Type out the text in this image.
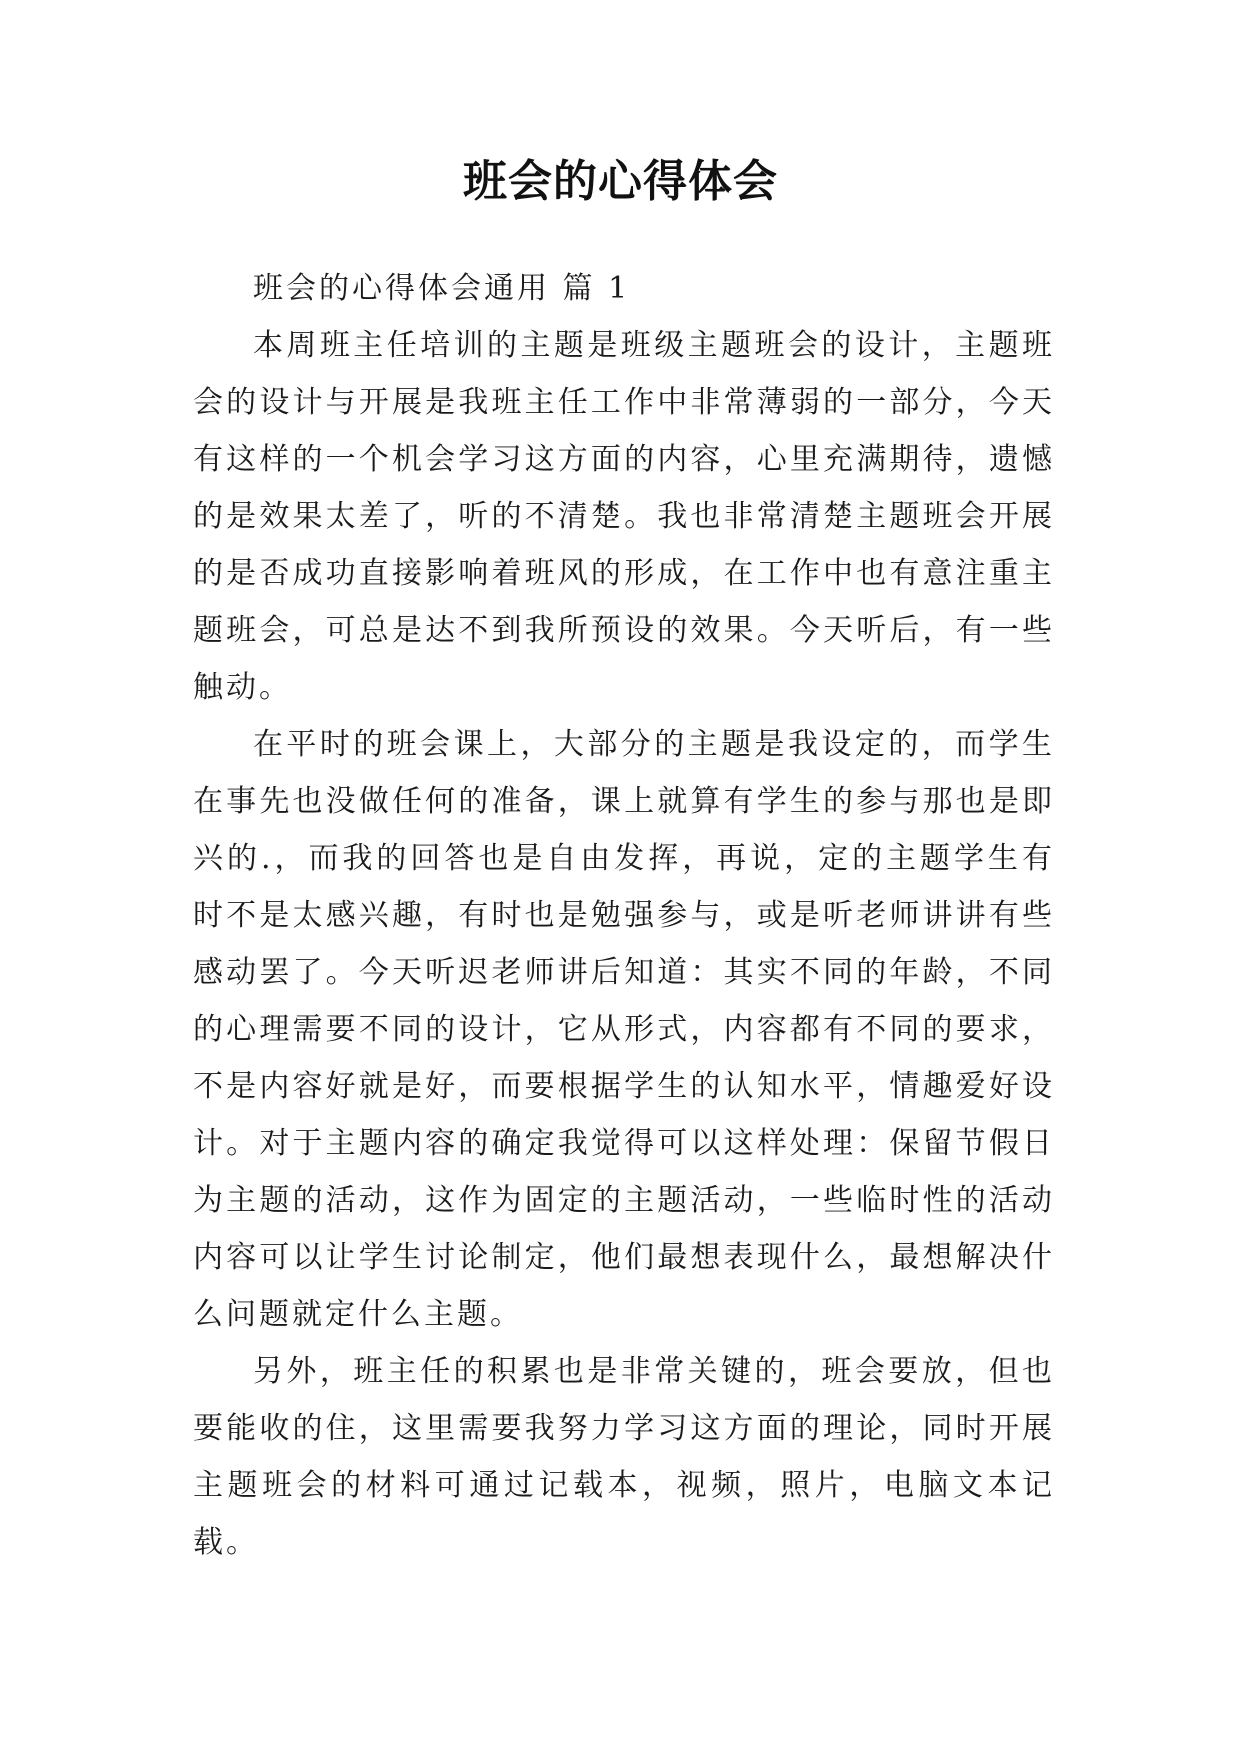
班会的心得体会

班会的心得体会通用 篇 1

本周班主任培训的主题是班级主题班会的设计，主题班会的设计与开展是我班主任工作中非常薄弱的一部分，今天有这样的一个机会学习这方面的内容，心里充满期待，遗憾的是效果太差了，听的不清楚。我也非常清楚主题班会开展的是否成功直接影响着班风的形成，在工作中也有意注重主题班会，可总是达不到我所预设的效果。今天听后，有一些触动。

在平时的班会课上，大部分的主题是我设定的，而学生在事先也没做任何的准备，课上就算有学生的参与那也是即兴的.，而我的回答也是自由发挥，再说，定的主题学生有时不是太感兴趣，有时也是勉强参与，或是听老师讲讲有些感动罢了。今天听迟老师讲后知道：其实不同的年龄，不同的心理需要不同的设计，它从形式，内容都有不同的要求，不是内容好就是好，而要根据学生的认知水平，情趣爱好设计。对于主题内容的确定我觉得可以这样处理：保留节假日为主题的活动，这作为固定的主题活动，一些临时性的活动内容可以让学生讨论制定，他们最想表现什么，最想解决什么问题就定什么主题。

另外，班主任的积累也是非常关键的，班会要放，但也要能收的住，这里需要我努力学习这方面的理论，同时开展主题班会的材料可通过记载本，视频，照片，电脑文本记载。
